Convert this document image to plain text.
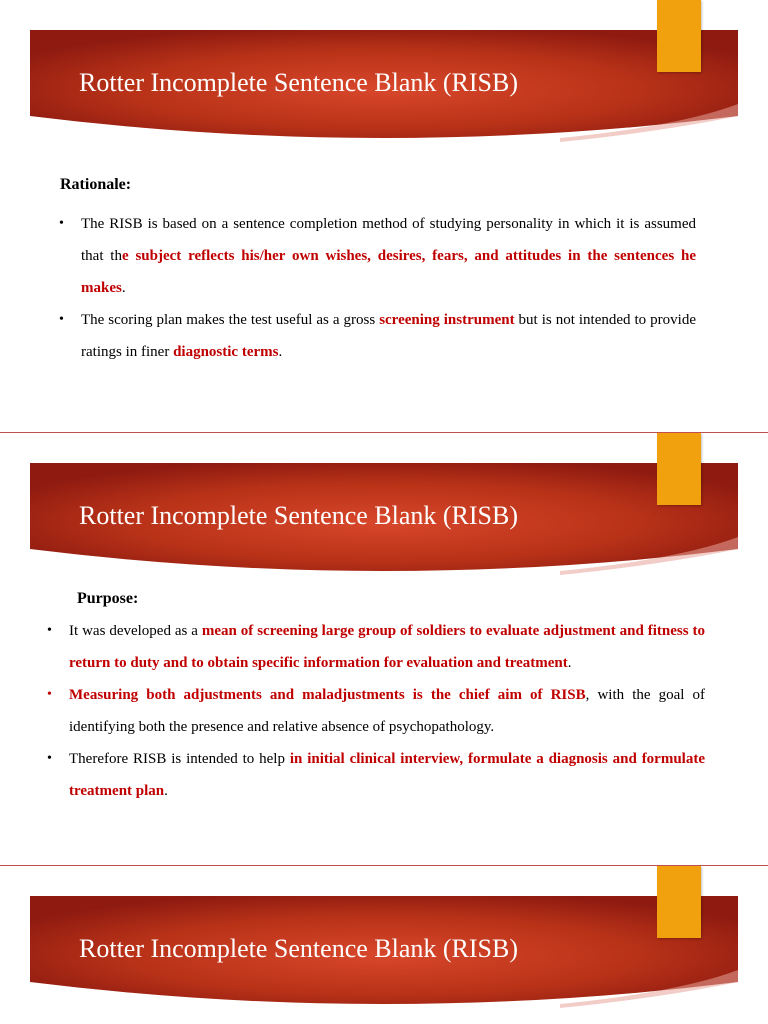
Rotter Incomplete Sentence Blank (RISB)
Rationale:
• The RISB is based on a sentence completion method of studying personality in which it is assumed that the subject reflects his/her own wishes, desires, fears, and attitudes in the sentences he makes.
• The scoring plan makes the test useful as a gross screening instrument but is not intended to provide ratings in finer diagnostic terms.
Rotter Incomplete Sentence Blank (RISB)
Purpose:
• It was developed as a mean of screening large group of soldiers to evaluate adjustment and fitness to return to duty and to obtain specific information for evaluation and treatment.
• Measuring both adjustments and maladjustments is the chief aim of RISB, with the goal of identifying both the presence and relative absence of psychopathology.
• Therefore RISB is intended to help in initial clinical interview, formulate a diagnosis and formulate treatment plan.
Rotter Incomplete Sentence Blank (RISB)
